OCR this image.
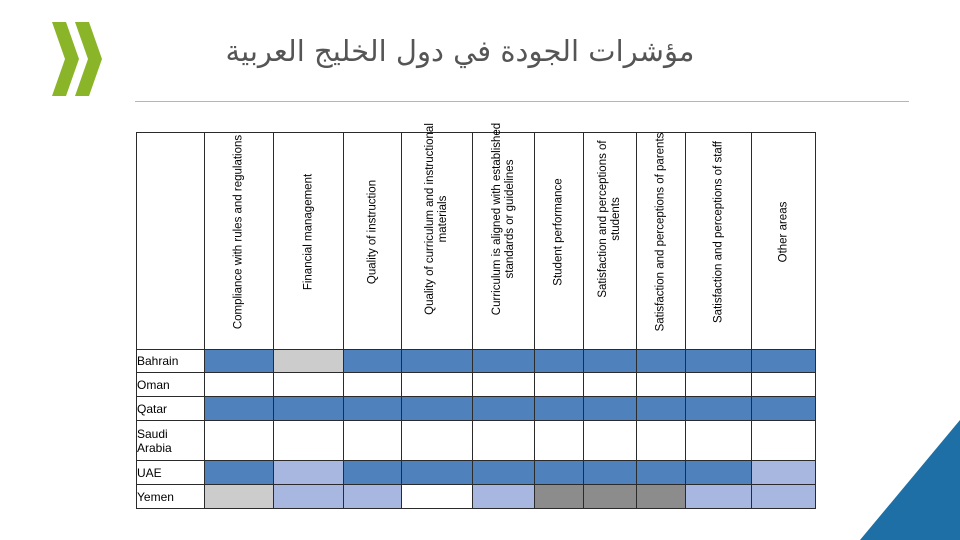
مؤشرات الجودة في دول الخليج العربية

	Compliance with rules and regulations	Financial management	Quality of instruction	Quality of curriculum and instructional materials	Curriculum is aligned with established standards or guidelines	Student performance	Satisfaction and perceptions of students	Satisfaction and perceptions of parents	Satisfaction and perceptions of staff	Other areas

Bahrain										
Oman										
Qatar										
Saudi Arabia										
UAE										
Yemen										
